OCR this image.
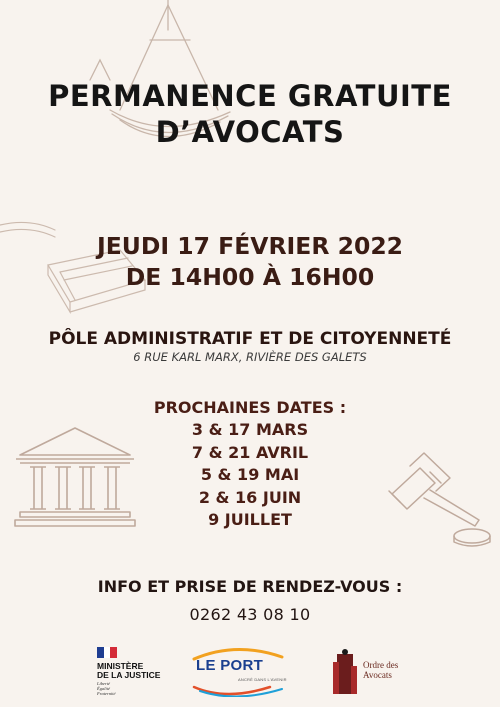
PERMANENCE GRATUITE
D’AVOCATS
JEUDI 17 FÉVRIER 2022
DE 14H00 À 16H00
PÔLE ADMINISTRATIF ET DE CITOYENNETÉ
6 RUE KARL MARX, RIVIÈRE DES GALETS
PROCHAINES DATES :
3 & 17 MARS
7 & 21 AVRIL
5 & 19 MAI
2 & 16 JUIN
9 JUILLET
INFO ET PRISE DE RENDEZ-VOUS :
0262 43 08 10
MINISTÈRE
DE LA JUSTICE
Liberté
Égalité
Fraternité
LE PORT
ANCRÉ DANS L'AVENIR
Ordre des
Avocats
